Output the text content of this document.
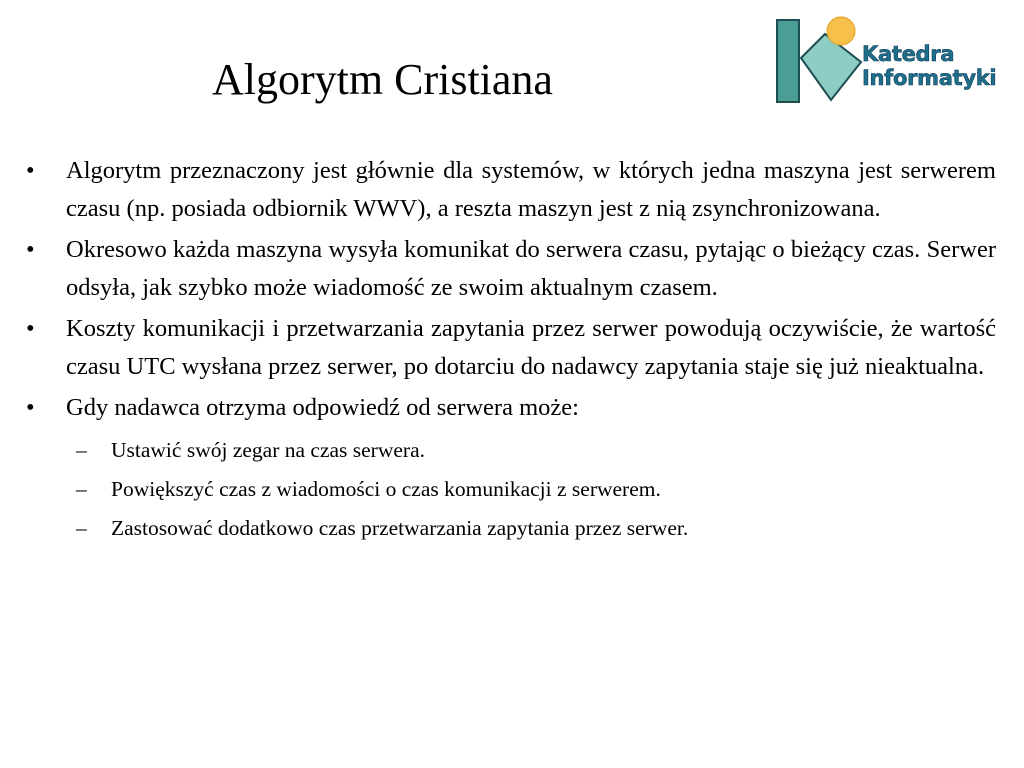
Algorytm Cristiana
Katedra
Informatyki
•	Algorytm przeznaczony jest głównie dla systemów, w których jedna maszyna jest serwerem czasu (np. posiada odbiornik WWV), a reszta maszyn jest z nią zsynchronizowana.
•	Okresowo każda maszyna wysyła komunikat do serwera czasu, pytając o bieżący czas. Serwer odsyła, jak szybko może wiadomość ze swoim aktualnym czasem.
•	Koszty komunikacji i przetwarzania zapytania przez serwer powodują oczywiście, że wartość czasu UTC wysłana przez serwer, po dotarciu do nadawcy zapytania staje się już nieaktualna.
•	Gdy nadawca otrzyma odpowiedź od serwera może:
– Ustawić swój zegar na czas serwera.
– Powiększyć czas z wiadomości o czas komunikacji z serwerem.
– Zastosować dodatkowo czas przetwarzania zapytania przez serwer.
